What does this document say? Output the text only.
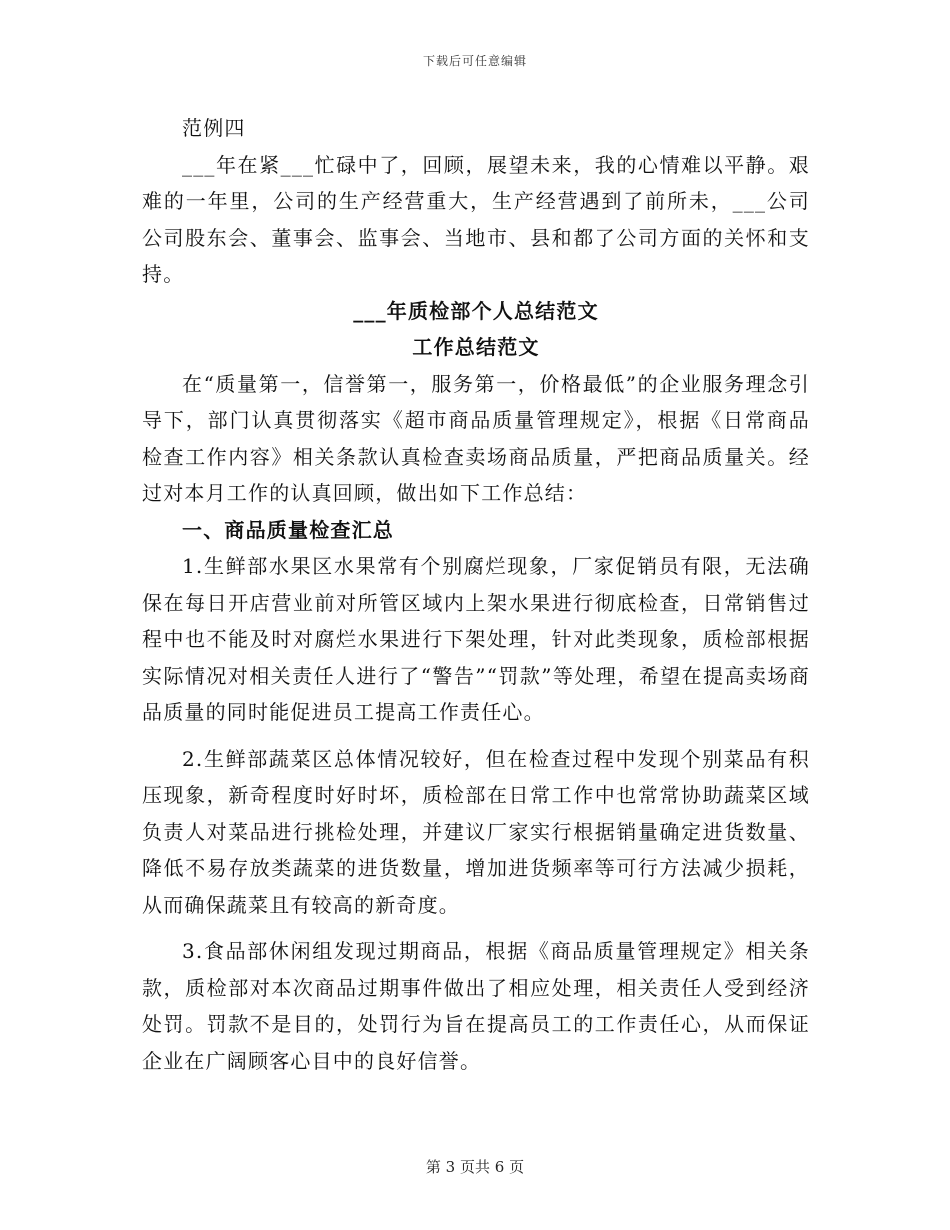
下载后可任意编辑

范例四

___年在紧___忙碌中了，回顾，展望未来，我的心情难以平静。艰难的一年里，公司的生产经营重大，生产经营遇到了前所未，___公司公司股东会、董事会、监事会、当地市、县和都了公司方面的关怀和支持。

___年质检部个人总结范文

工作总结范文

在“质量第一，信誉第一，服务第一，价格最低”的企业服务理念引导下，部门认真贯彻落实《超市商品质量管理规定》，根据《日常商品检查工作内容》相关条款认真检查卖场商品质量，严把商品质量关。经过对本月工作的认真回顾，做出如下工作总结：

一、商品质量检查汇总

1.生鲜部水果区水果常有个别腐烂现象，厂家促销员有限，无法确保在每日开店营业前对所管区域内上架水果进行彻底检查，日常销售过程中也不能及时对腐烂水果进行下架处理，针对此类现象，质检部根据实际情况对相关责任人进行了“警告”“罚款”等处理，希望在提高卖场商品质量的同时能促进员工提高工作责任心。

2.生鲜部蔬菜区总体情况较好，但在检查过程中发现个别菜品有积压现象，新奇程度时好时坏，质检部在日常工作中也常常协助蔬菜区域负责人对菜品进行挑检处理，并建议厂家实行根据销量确定进货数量、降低不易存放类蔬菜的进货数量，增加进货频率等可行方法减少损耗，从而确保蔬菜且有较高的新奇度。

3.食品部休闲组发现过期商品，根据《商品质量管理规定》相关条款，质检部对本次商品过期事件做出了相应处理，相关责任人受到经济处罚。罚款不是目的，处罚行为旨在提高员工的工作责任心，从而保证企业在广阔顾客心目中的良好信誉。

第 3 页共 6 页
